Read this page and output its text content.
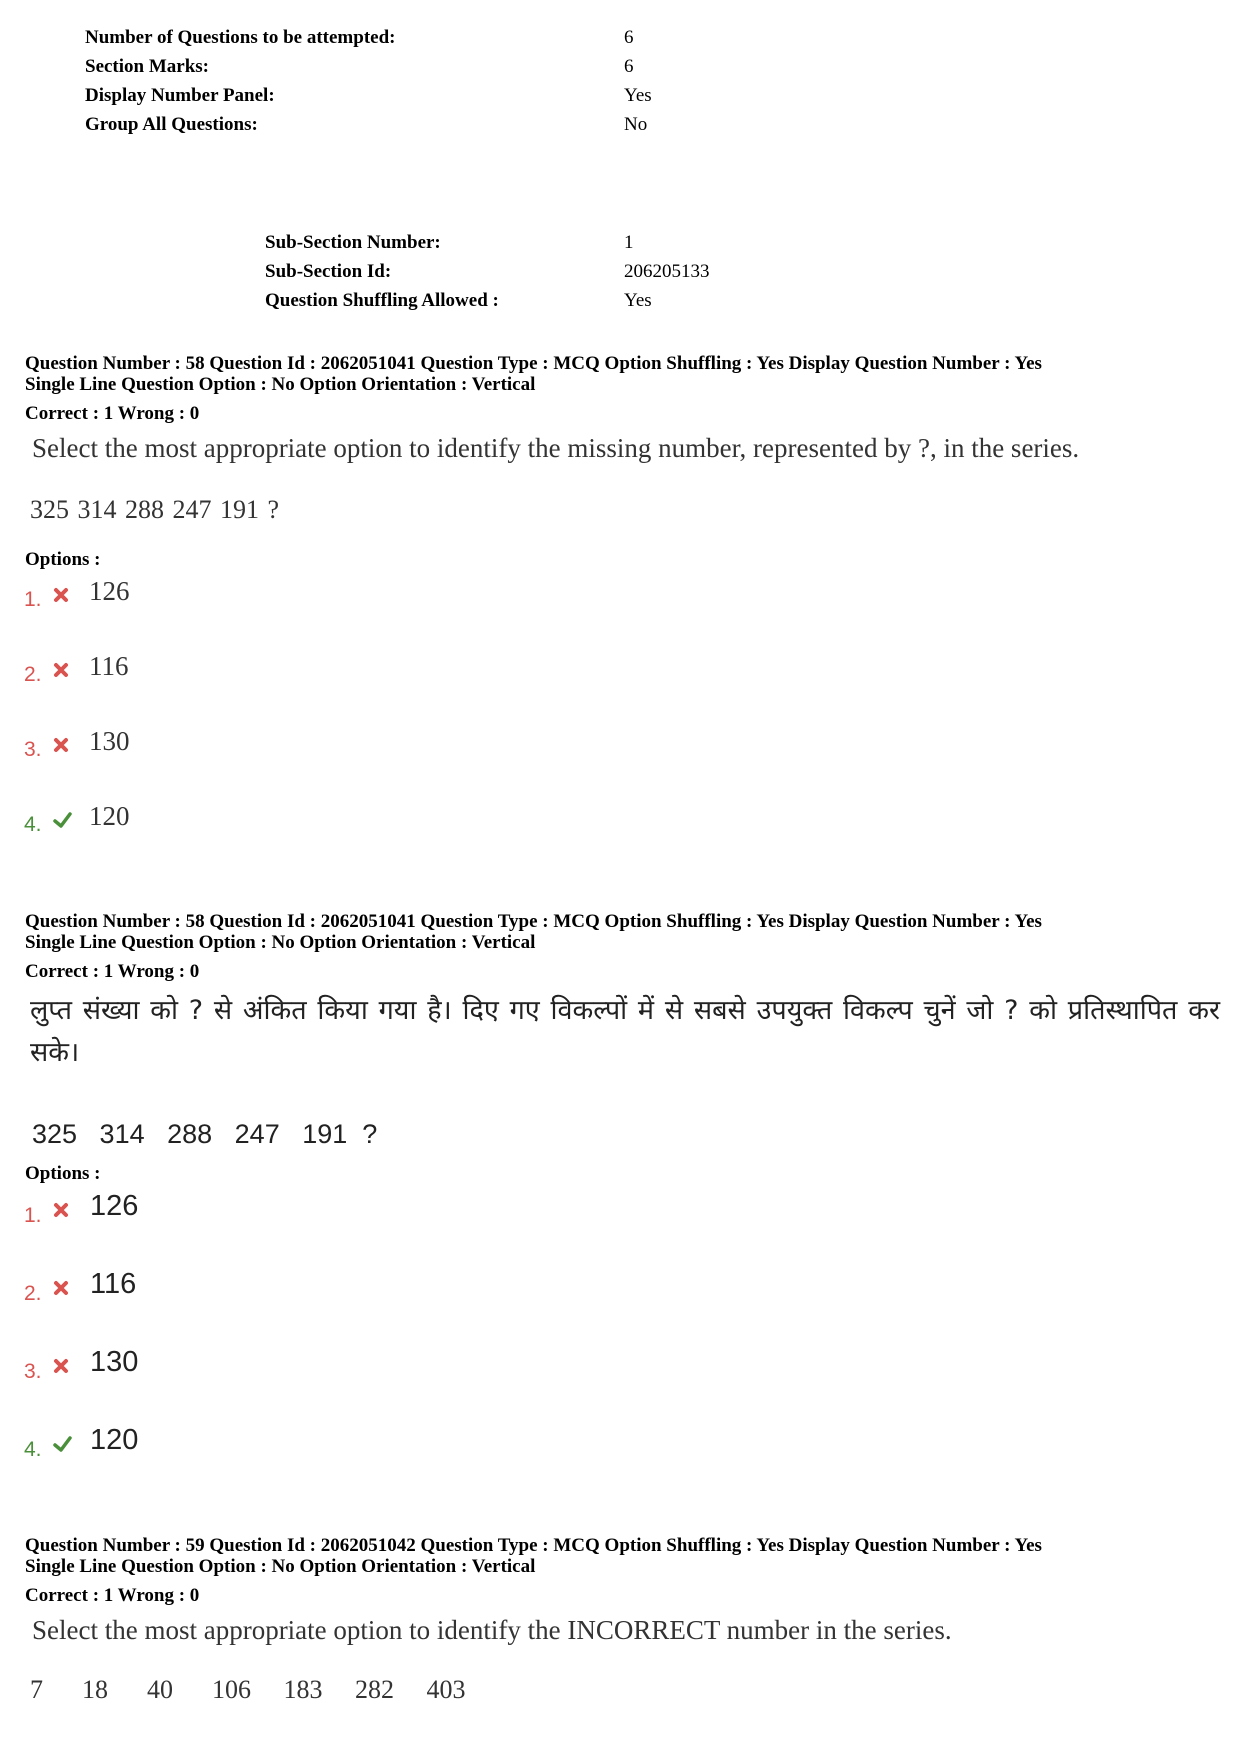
Number of Questions to be attempted:	6
Section Marks:	6
Display Number Panel:	Yes
Group All Questions:	No
Sub-Section Number:	1
Sub-Section Id:	206205133
Question Shuffling Allowed :	Yes
Question Number : 58 Question Id : 2062051041 Question Type : MCQ Option Shuffling : Yes Display Question Number : Yes
Single Line Question Option : No Option Orientation : Vertical
Correct : 1 Wrong : 0
Select the most appropriate option to identify the missing number, represented by ?, in the series.
325 314 288 247 191 ?
Options :
1. 126
2. 116
3. 130
4. 120
Question Number : 58 Question Id : 2062051041 Question Type : MCQ Option Shuffling : Yes Display Question Number : Yes
Single Line Question Option : No Option Orientation : Vertical
Correct : 1 Wrong : 0
लुप्त संख्या को ? से अंकित किया गया है। दिए गए विकल्पों में से सबसे उपयुक्त विकल्प चुनें जो ? को प्रतिस्थापित कर सके।
325   314   288   247   191  ?
Options :
1. 126
2. 116
3. 130
4. 120
Question Number : 59 Question Id : 2062051042 Question Type : MCQ Option Shuffling : Yes Display Question Number : Yes
Single Line Question Option : No Option Orientation : Vertical
Correct : 1 Wrong : 0
Select the most appropriate option to identify the INCORRECT number in the series.
7      18      40      106     183     282     403
